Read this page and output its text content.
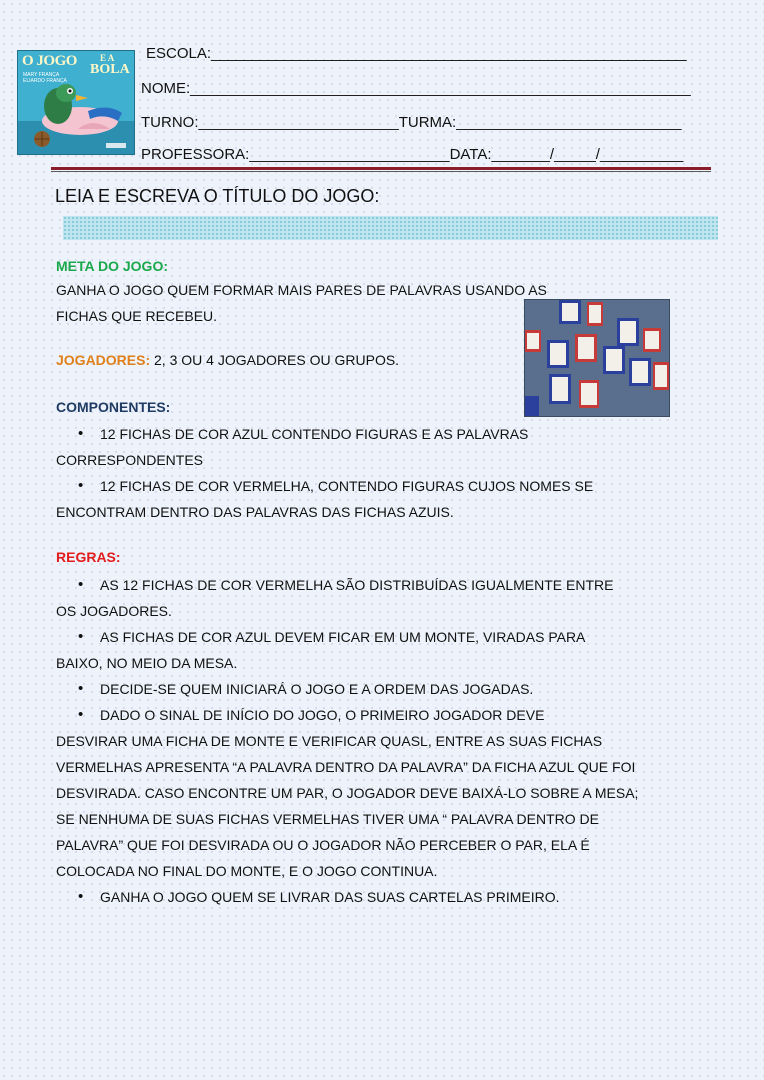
O JOGO	E A
BOLA
MARY FRANÇA
ELIARDO FRANÇA
ESCOLA:_________________________________________________________
NOME:____________________________________________________________
TURNO:________________________TURMA:___________________________
PROFESSORA:________________________DATA:_______/_____/__________
LEIA E ESCREVA O TÍTULO DO JOGO:
META DO JOGO:
GANHA O JOGO QUEM FORMAR MAIS PARES DE PALAVRAS USANDO AS
FICHAS QUE RECEBEU.
JOGADORES: 2, 3 OU 4 JOGADORES OU GRUPOS.
COMPONENTES:
• 12 FICHAS DE COR AZUL CONTENDO FIGURAS E AS PALAVRAS
CORRESPONDENTES
• 12 FICHAS DE COR VERMELHA, CONTENDO FIGURAS CUJOS NOMES SE
ENCONTRAM DENTRO DAS PALAVRAS DAS FICHAS AZUIS.
REGRAS:
• AS 12 FICHAS DE COR VERMELHA SÃO DISTRIBUÍDAS IGUALMENTE ENTRE
OS JOGADORES.
• AS FICHAS DE COR AZUL DEVEM FICAR EM UM MONTE, VIRADAS PARA
BAIXO, NO MEIO DA MESA.
• DECIDE-SE QUEM INICIARÁ O JOGO E A ORDEM DAS JOGADAS.
• DADO O SINAL DE INÍCIO DO JOGO, O PRIMEIRO JOGADOR DEVE
DESVIRAR UMA FICHA DE MONTE E VERIFICAR QUASL, ENTRE AS SUAS FICHAS
VERMELHAS APRESENTA “A PALAVRA DENTRO DA PALAVRA” DA FICHA AZUL QUE FOI
DESVIRADA. CASO ENCONTRE UM PAR, O JOGADOR DEVE BAIXÁ-LO SOBRE A MESA;
SE NENHUMA DE SUAS FICHAS VERMELHAS TIVER UMA “ PALAVRA DENTRO DE
PALAVRA” QUE FOI DESVIRADA OU O JOGADOR NÃO PERCEBER O PAR, ELA É
COLOCADA NO FINAL DO MONTE, E O JOGO CONTINUA.
• GANHA O JOGO QUEM SE LIVRAR DAS SUAS CARTELAS PRIMEIRO.
